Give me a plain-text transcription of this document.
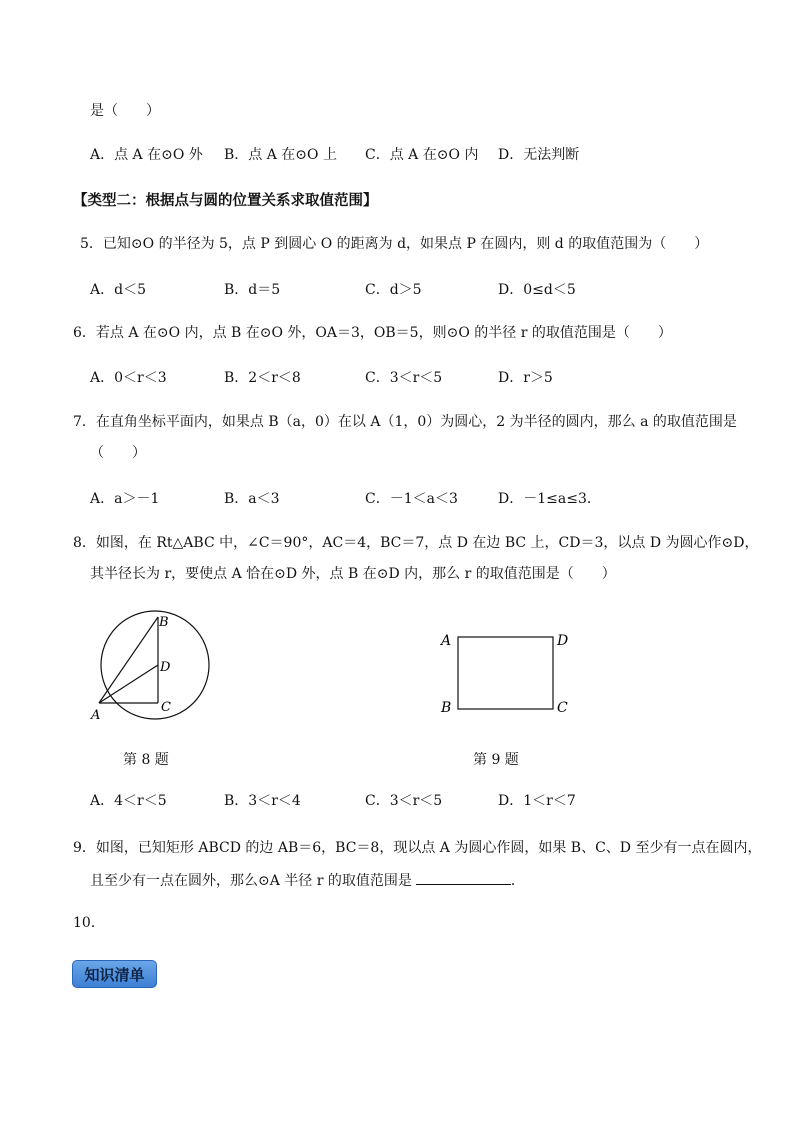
是（　　）
A．点 A 在⊙O 外 B．点 A 在⊙O 上 C．点 A 在⊙O 内 D．无法判断
【类型二：根据点与圆的位置关系求取值范围】
5．已知⊙O 的半径为 5，点 P 到圆心 O 的距离为 d，如果点 P 在圆内，则 d 的取值范围为（　　）
A．d＜5	B．d＝5	C．d＞5	D．0≤d＜5
6．若点 A 在⊙O 内，点 B 在⊙O 外，OA＝3，OB＝5，则⊙O 的半径 r 的取值范围是（　　）
A．0＜r＜3	B．2＜r＜8	C．3＜r＜5	D．r＞5
7．在直角坐标平面内，如果点 B（a，0）在以 A（1，0）为圆心，2 为半径的圆内，那么 a 的取值范围是
（　　）
A．a＞－1	B．a＜3	C．－1＜a＜3	D．－1≤a≤3．
8．如图，在 Rt△ABC 中，∠C＝90°，AC＝4，BC＝7，点 D 在边 BC 上，CD＝3，以点 D 为圆心作⊙D，
其半径长为 r，要使点 A 恰在⊙D 外，点 B 在⊙D 内，那么 r 的取值范围是（　　）
B
D
C
A
第 8 题
A	D
B	C
第 9 题
A．4＜r＜5	B．3＜r＜4	C．3＜r＜5	D．1＜r＜7
9．如图，已知矩形 ABCD 的边 AB＝6，BC＝8，现以点 A 为圆心作圆，如果 B、C、D 至少有一点在圆内，
且至少有一点在圆外，那么⊙A 半径 r 的取值范围是	．
10．
知识清单
